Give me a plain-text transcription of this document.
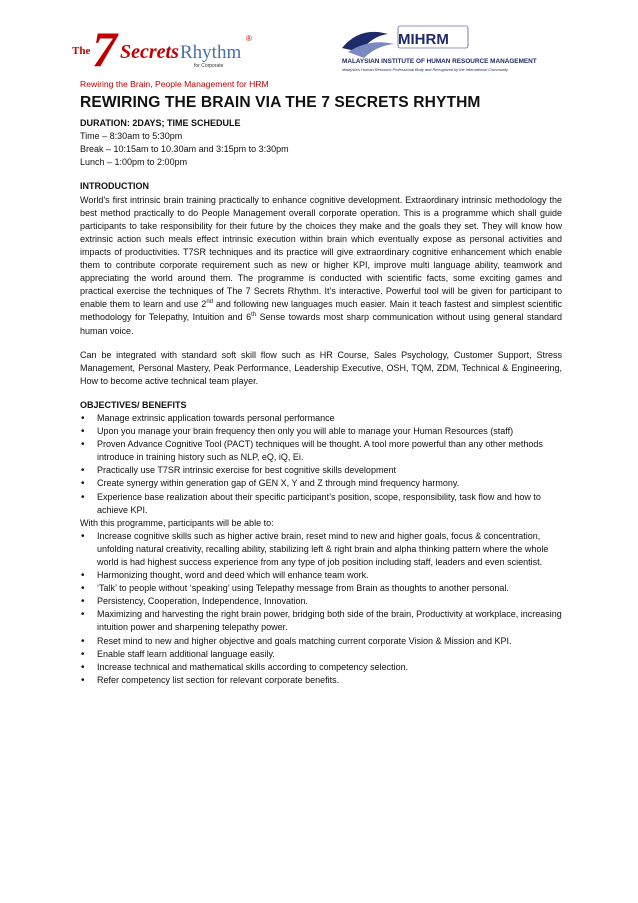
The 7 Secrets Rhythm
®
for Corporate
MIHRM
MALAYSIAN INSTITUTE OF HUMAN RESOURCE MANAGEMENT
Malaysia's Human Resource Professional Body and Recognized by the International Community

Rewiring the Brain, People Management for HRM

REWIRING THE BRAIN VIA THE 7 SECRETS RHYTHM

DURATION: 2DAYS; TIME SCHEDULE

Time – 8:30am to 5:30pm

Break – 10:15am to 10.30am and 3:15pm to 3:30pm

Lunch – 1:00pm to 2:00pm

INTRODUCTION

World’s first intrinsic brain training practically to enhance cognitive development. Extraordinary intrinsic methodology the best method practically to do People Management overall corporate operation. This is a programme which shall guide participants to take responsibility for their future by the choices they make and the goals they set. They will know how extrinsic action such meals effect intrinsic execution within brain which eventually expose as personal activities and impacts of productivities. T7SR techniques and its practice will give extraordinary cognitive enhancement which enable them to contribute corporate requirement such as new or higher KPI, improve multi language ability, teamwork and appreciating the world around them. The programme is conducted with scientific facts, some exciting games and practical exercise the techniques of The 7 Secrets Rhythm. It’s interactive. Powerful tool will be given for participant to enable them to learn and use 2nd and following new languages much easier. Main it teach fastest and simplest scientific methodology for Telepathy, Intuition and 6th Sense towards most sharp communication without using general standard human voice.

Can be integrated with standard soft skill flow such as HR Course, Sales Psychology, Customer Support, Stress Management, Personal Mastery, Peak Performance, Leadership Executive, OSH, TQM, ZDM, Technical & Engineering, How to become active technical team player.

OBJECTIVES/ BENEFITS

• Manage extrinsic application towards personal performance
• Upon you manage your brain frequency then only you will able to manage your Human Resources (staff)
• Proven Advance Cognitive Tool (PACT) techniques will be thought. A tool more powerful than any other methods introduce in training history such as NLP, eQ, iQ, Ei.
• Practically use T7SR intrinsic exercise for best cognitive skills development
• Create synergy within generation gap of GEN X, Y and Z through mind frequency harmony.
• Experience base realization about their specific participant’s position, scope, responsibility, task flow and how to achieve KPI.

With this programme, participants will be able to:

• Increase cognitive skills such as higher active brain, reset mind to new and higher goals, focus & concentration, unfolding natural creativity, recalling ability, stabilizing left & right brain and alpha thinking pattern where the whole world is had highest success experience from any type of job position including staff, leaders and even scientist.
• Harmonizing thought, word and deed which will enhance team work.
• ‘Talk’ to people without ‘speaking’ using Telepathy message from Brain as thoughts to another personal.
• Persistency, Cooperation, Independence, Innovation.
• Maximizing and harvesting the right brain power, bridging both side of the brain, Productivity at workplace, increasing intuition power and sharpening telepathy power.
• Reset mind to new and higher objective and goals matching current corporate Vision & Mission and KPI.
• Enable staff learn additional language easily.
• Increase technical and mathematical skills according to competency selection.
• Refer competency list section for relevant corporate benefits.
